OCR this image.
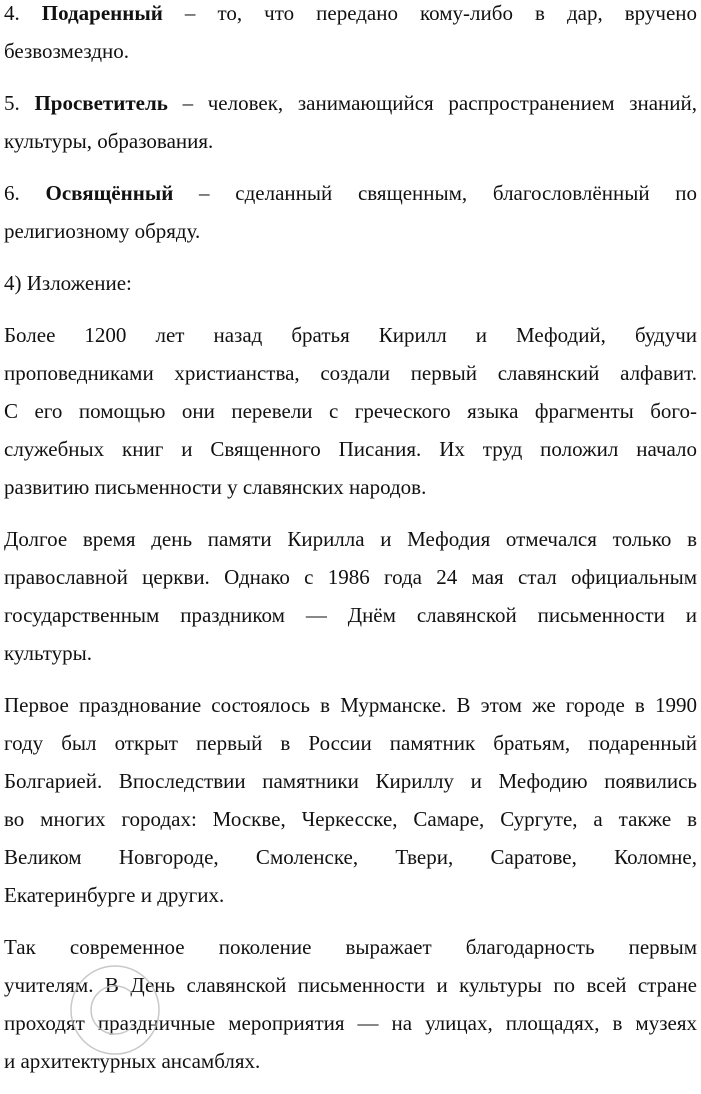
4. Подаренный – то, что передано кому-либо в дар, вручено
безвозмездно.
5. Просветитель – человек, занимающийся распространением знаний,
культуры, образования.
6. Освящённый – сделанный священным, благословлённый по
религиозному обряду.
4) Изложение:
Более 1200 лет назад братья Кирилл и Мефодий, будучи
проповедниками христианства, создали первый славянский алфавит.
С его помощью они перевели с греческого языка фрагменты бого-
служебных книг и Священного Писания. Их труд положил начало
развитию письменности у славянских народов.
Долгое время день памяти Кирилла и Мефодия отмечался только в
православной церкви. Однако с 1986 года 24 мая стал официальным
государственным праздником — Днём славянской письменности и
культуры.
Первое празднование состоялось в Мурманске. В этом же городе в 1990
году был открыт первый в России памятник братьям, подаренный
Болгарией. Впоследствии памятники Кириллу и Мефодию появились
во многих городах: Москве, Черкесске, Самаре, Сургуте, а также в
Великом Новгороде, Смоленске, Твери, Саратове, Коломне,
Екатеринбурге и других.
Так современное поколение выражает благодарность первым
учителям. В День славянской письменности и культуры по всей стране
проходят праздничные мероприятия — на улицах, площадях, в музеях
и архитектурных ансамблях.
